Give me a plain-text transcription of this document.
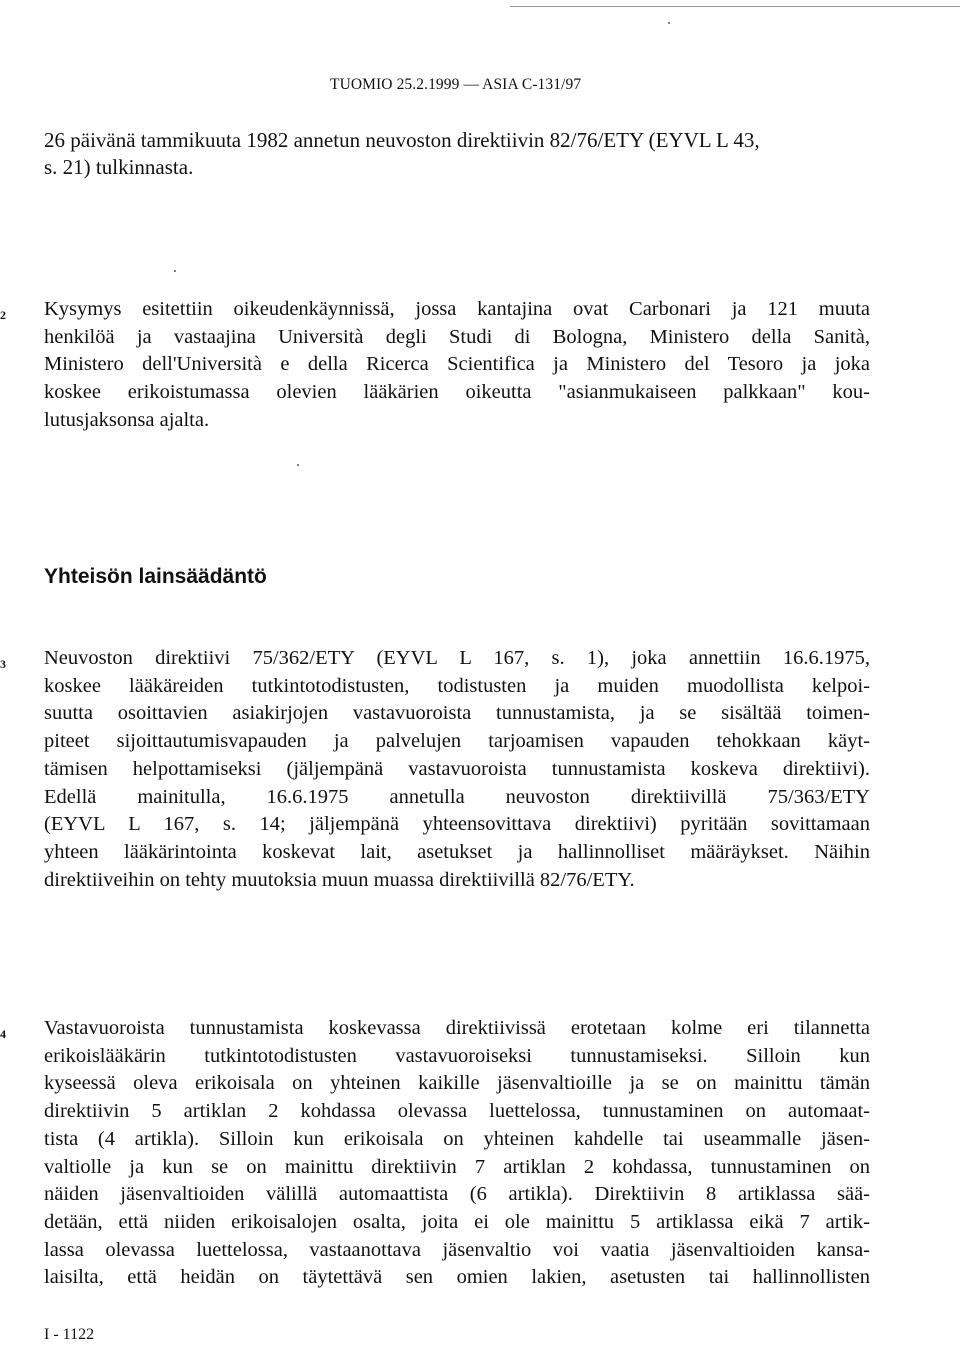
TUOMIO 25.2.1999 — ASIA C-131/97
26 päivänä tammikuuta 1982 annetun neuvoston direktiivin 82/76/ETY (EYVL L 43,
s. 21) tulkinnasta.
2 Kysymys esitettiin oikeudenkäynnissä, jossa kantajina ovat Carbonari ja 121 muuta
henkilöä ja vastaajina Università degli Studi di Bologna, Ministero della Sanità,
Ministero dell'Università e della Ricerca Scientifica ja Ministero del Tesoro ja joka
koskee erikoistumassa olevien lääkärien oikeutta "asianmukaiseen palkkaan" kou-
lutusjaksonsa ajalta.
Yhteisön lainsäädäntö
3 Neuvoston direktiivi 75/362/ETY (EYVL L 167, s. 1), joka annettiin 16.6.1975,
koskee lääkäreiden tutkintotodistusten, todistusten ja muiden muodollista kelpoi-
suutta osoittavien asiakirjojen vastavuoroista tunnustamista, ja se sisältää toimen-
piteet sijoittautumisvapauden ja palvelujen tarjoamisen vapauden tehokkaan käyt-
tämisen helpottamiseksi (jäljempänä vastavuoroista tunnustamista koskeva direktiivi).
Edellä mainitulla, 16.6.1975 annetulla neuvoston direktiivillä 75/363/ETY
(EYVL L 167, s. 14; jäljempänä yhteensovittava direktiivi) pyritään sovittamaan
yhteen lääkärintointa koskevat lait, asetukset ja hallinnolliset määräykset. Näihin
direktiiveihin on tehty muutoksia muun muassa direktiivillä 82/76/ETY.
4 Vastavuoroista tunnustamista koskevassa direktiivissä erotetaan kolme eri tilannetta
erikoislääkärin tutkintotodistusten vastavuoroiseksi tunnustamiseksi. Silloin kun
kyseessä oleva erikoisala on yhteinen kaikille jäsenvaltioille ja se on mainittu tämän
direktiivin 5 artiklan 2 kohdassa olevassa luettelossa, tunnustaminen on automaat-
tista (4 artikla). Silloin kun erikoisala on yhteinen kahdelle tai useammalle jäsen-
valtiolle ja kun se on mainittu direktiivin 7 artiklan 2 kohdassa, tunnustaminen on
näiden jäsenvaltioiden välillä automaattista (6 artikla). Direktiivin 8 artiklassa sää-
detään, että niiden erikoisalojen osalta, joita ei ole mainittu 5 artiklassa eikä 7 artik-
lassa olevassa luettelossa, vastaanottava jäsenvaltio voi vaatia jäsenvaltioiden kansa-
laisilta, että heidän on täytettävä sen omien lakien, asetusten tai hallinnollisten
I - 1122
